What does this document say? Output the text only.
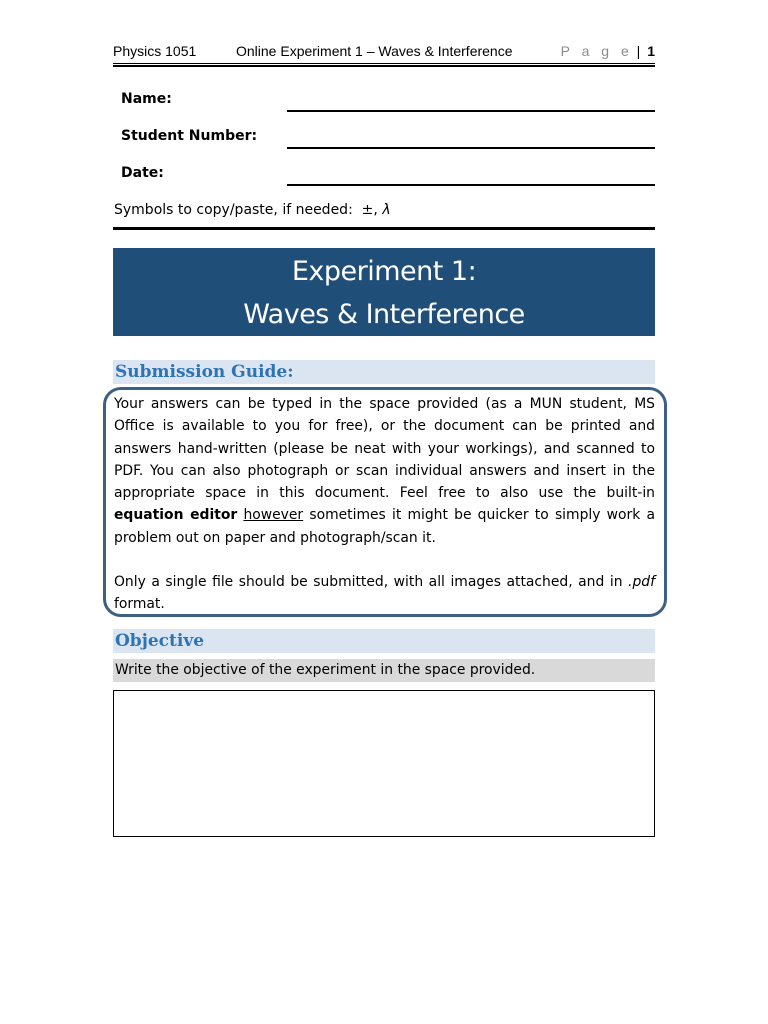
Physics 1051	Online Experiment 1 – Waves & Interference	P a g e | 1
Name:
Student Number:
Date:
Symbols to copy/paste, if needed:  ±, λ
Experiment 1:
Waves & Interference
Submission Guide:

Your answers can be typed in the space provided (as a MUN student, MS Office is available to you for free), or the document can be printed and answers hand-written (please be neat with your workings), and scanned to PDF. You can also photograph or scan individual answers and insert in the appropriate space in this document. Feel free to also use the built-in equation editor however sometimes it might be quicker to simply work a problem out on paper and photograph/scan it.

Only a single file should be submitted, with all images attached, and in .pdf format.

Objective
Write the objective of the experiment in the space provided.
